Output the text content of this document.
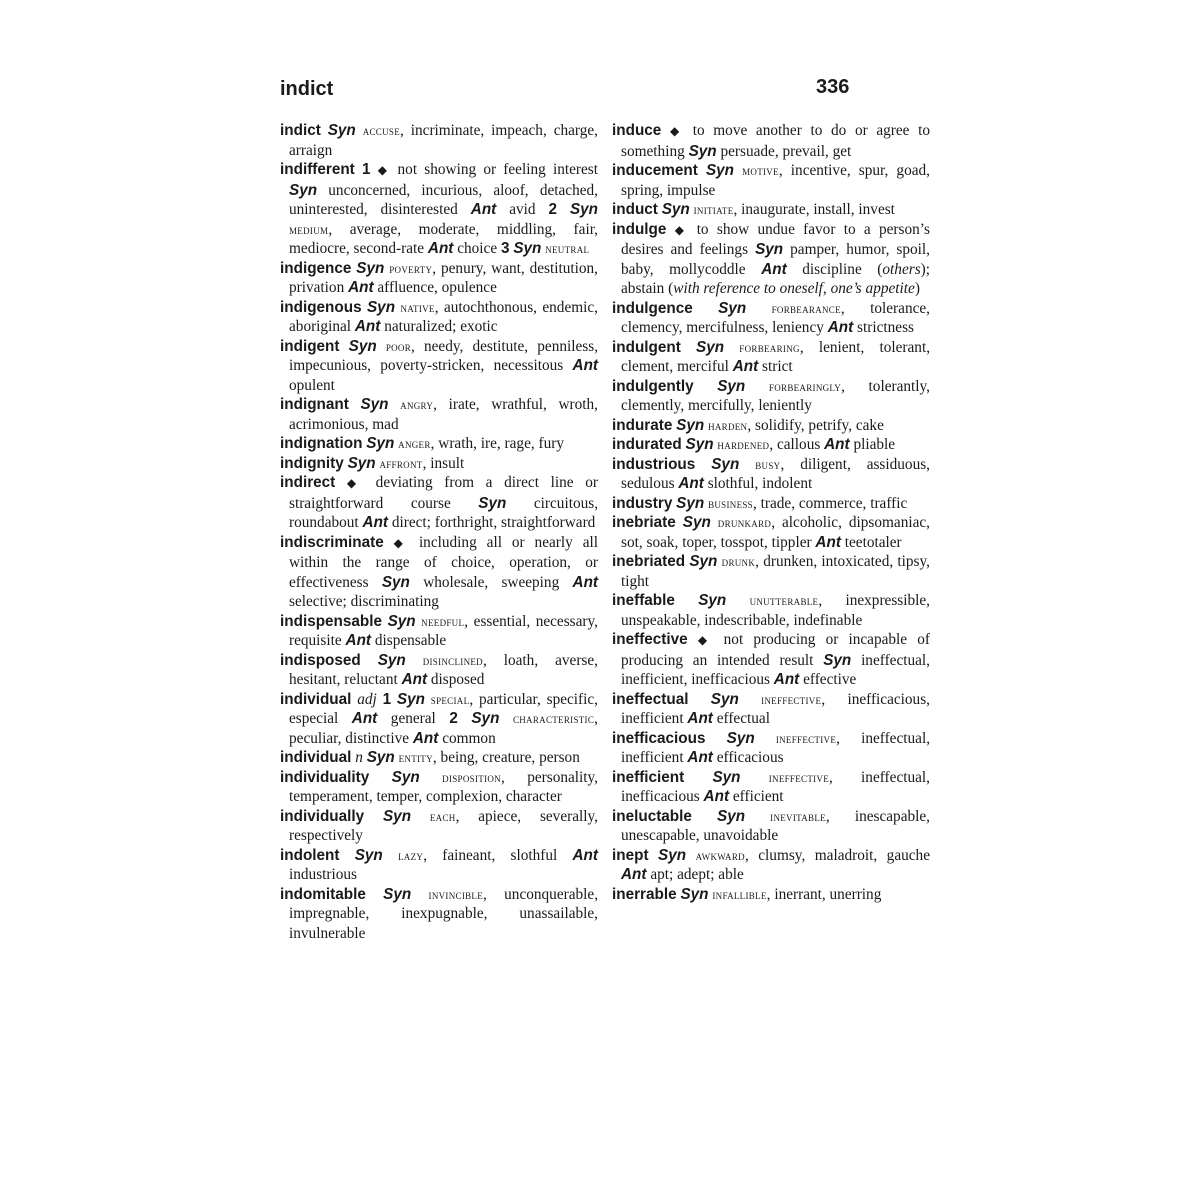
indict	336
indict Syn accuse, incriminate, impeach, charge, arraign
indifferent 1 ◆ not showing or feeling interest Syn unconcerned, incurious, aloof, detached, uninterested, disinterested Ant avid 2 Syn medium, average, moderate, middling, fair, mediocre, second-rate Ant choice 3 Syn neutral
indigence Syn poverty, penury, want, destitution, privation Ant affluence, opulence
indigenous Syn native, autochthonous, endemic, aboriginal Ant naturalized; exotic
indigent Syn poor, needy, destitute, penniless, impecunious, poverty-stricken, necessitous Ant opulent
indignant Syn angry, irate, wrathful, wroth, acrimonious, mad
indignation Syn anger, wrath, ire, rage, fury
indignity Syn affront, insult
indirect ◆ deviating from a direct line or straightforward course Syn circuitous, roundabout Ant direct; forthright, straightforward
indiscriminate ◆ including all or nearly all within the range of choice, operation, or effectiveness Syn wholesale, sweeping Ant selective; discriminating
indispensable Syn needful, essential, necessary, requisite Ant dispensable
indisposed Syn disinclined, loath, averse, hesitant, reluctant Ant disposed
individual adj 1 Syn special, particular, specific, especial Ant general 2 Syn characteristic, peculiar, distinctive Ant common
individual n Syn entity, being, creature, person
individuality Syn disposition, personality, temperament, temper, complexion, character
individually Syn each, apiece, severally, respectively
indolent Syn lazy, faineant, slothful Ant industrious
indomitable Syn invincible, unconquerable, impregnable, inexpugnable, unassailable, invulnerable
induce ◆ to move another to do or agree to something Syn persuade, prevail, get
inducement Syn motive, incentive, spur, goad, spring, impulse
induct Syn initiate, inaugurate, install, invest
indulge ◆ to show undue favor to a person’s desires and feelings Syn pamper, humor, spoil, baby, mollycoddle Ant discipline (others); abstain (with reference to oneself, one’s appetite)
indulgence Syn forbearance, tolerance, clemency, mercifulness, leniency Ant strictness
indulgent Syn forbearing, lenient, tolerant, clement, merciful Ant strict
indulgently Syn forbearingly, tolerantly, clemently, mercifully, leniently
indurate Syn harden, solidify, petrify, cake
indurated Syn hardened, callous Ant pliable
industrious Syn busy, diligent, assiduous, sedulous Ant slothful, indolent
industry Syn business, trade, commerce, traffic
inebriate Syn drunkard, alcoholic, dipsomaniac, sot, soak, toper, tosspot, tippler Ant teetotaler
inebriated Syn drunk, drunken, intoxicated, tipsy, tight
ineffable Syn unutterable, inexpressible, unspeakable, indescribable, indefinable
ineffective ◆ not producing or incapable of producing an intended result Syn ineffectual, inefficient, inefficacious Ant effective
ineffectual Syn ineffective, inefficacious, inefficient Ant effectual
inefficacious Syn ineffective, ineffectual, inefficient Ant efficacious
inefficient Syn ineffective, ineffectual, inefficacious Ant efficient
ineluctable Syn inevitable, inescapable, unescapable, unavoidable
inept Syn awkward, clumsy, maladroit, gauche Ant apt; adept; able
inerrable Syn infallible, inerrant, unerring
